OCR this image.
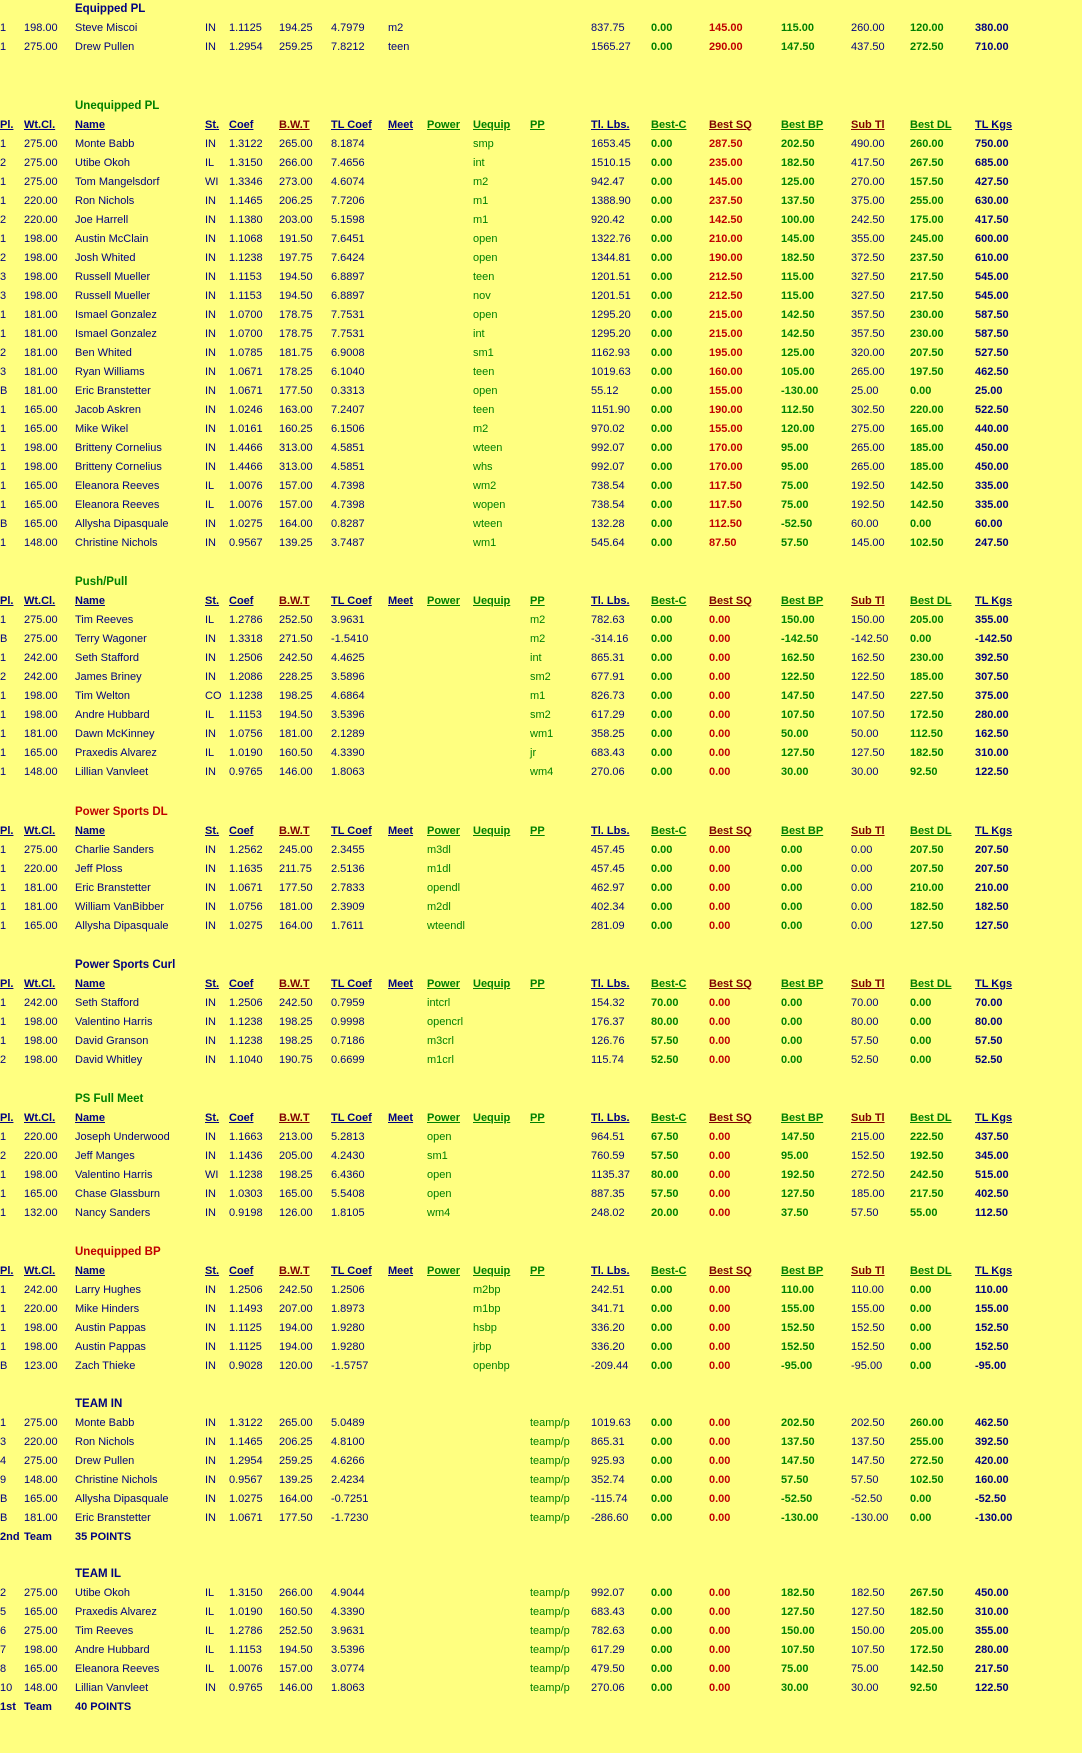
Equipped PL
1 198.00 Steve Miscoi	IN 1.1125 194.25 4.7979 m2	837.75 0.00	145.00	115.00	260.00 120.00	380.00
1 275.00 Drew Pullen	IN 1.2954 259.25 7.8212 teen	1565.27 0.00	290.00	147.50	437.50 272.50	710.00
Unequipped PL
Pl. Wt.Cl. Name	St. Coef B.W.T TL Coef Meet Power Uequip PP	Tl. Lbs. Best-C Best SQ	Best BP	Sub Tl Best DL TL Kgs
1 275.00 Monte Babb	IN 1.3122 265.00 8.1874	smp	1653.45 0.00	287.50	202.50	490.00 260.00	750.00
2 275.00 Utibe Okoh	IL 1.3150 266.00 7.4656	int	1510.15 0.00	235.00	182.50	417.50 267.50	685.00
1 275.00 Tom Mangelsdorf	WI 1.3346 273.00 4.6074	m2	942.47 0.00	145.00	125.00	270.00 157.50	427.50
1 220.00 Ron Nichols	IN 1.1465 206.25 7.7206	m1	1388.90 0.00	237.50	137.50	375.00 255.00	630.00
2 220.00 Joe Harrell	IN 1.1380 203.00 5.1598	m1	920.42 0.00	142.50	100.00	242.50 175.00	417.50
1 198.00 Austin McClain	IN 1.1068 191.50 7.6451	open	1322.76 0.00	210.00	145.00	355.00 245.00	600.00
2 198.00 Josh Whited	IN 1.1238 197.75 7.6424	open	1344.81 0.00	190.00	182.50	372.50 237.50	610.00
3 198.00 Russell Mueller	IN 1.1153 194.50 6.8897	teen	1201.51 0.00	212.50	115.00	327.50 217.50	545.00
3 198.00 Russell Mueller	IN 1.1153 194.50 6.8897	nov	1201.51 0.00	212.50	115.00	327.50 217.50	545.00
1 181.00 Ismael Gonzalez	IN 1.0700 178.75 7.7531	open	1295.20 0.00	215.00	142.50	357.50 230.00	587.50
1 181.00 Ismael Gonzalez	IN 1.0700 178.75 7.7531	int	1295.20 0.00	215.00	142.50	357.50 230.00	587.50
2 181.00 Ben Whited	IN 1.0785 181.75 6.9008	sm1	1162.93 0.00	195.00	125.00	320.00 207.50	527.50
3 181.00 Ryan Williams	IN 1.0671 178.25 6.1040	teen	1019.63 0.00	160.00	105.00	265.00 197.50	462.50
B 181.00 Eric Branstetter	IN 1.0671 177.50 0.3313	open	55.12	0.00	155.00	-130.00	25.00	0.00	25.00
1 165.00 Jacob Askren	IN 1.0246 163.00 7.2407	teen	1151.90 0.00	190.00	112.50	302.50 220.00	522.50
1 165.00 Mike Wikel	IN 1.0161 160.25 6.1506	m2	970.02 0.00	155.00	120.00	275.00 165.00	440.00
1 198.00 Britteny Cornelius	IN 1.4466 313.00 4.5851	wteen	992.07 0.00	170.00	95.00	265.00 185.00	450.00
1 198.00 Britteny Cornelius	IN 1.4466 313.00 4.5851	whs	992.07 0.00	170.00	95.00	265.00 185.00	450.00
1 165.00 Eleanora Reeves	IL 1.0076 157.00 4.7398	wm2	738.54 0.00	117.50	75.00	192.50 142.50	335.00
1 165.00 Eleanora Reeves	IL 1.0076 157.00 4.7398	wopen	738.54 0.00	117.50	75.00	192.50 142.50	335.00
B 165.00 Allysha Dipasquale	IN 1.0275 164.00 0.8287	wteen	132.28 0.00	112.50	-52.50	60.00	0.00	60.00
1 148.00 Christine Nichols	IN 0.9567 139.25 3.7487	wm1	545.64 0.00	87.50	57.50	145.00 102.50	247.50
Push/Pull
Pl. Wt.Cl. Name	St. Coef B.W.T TL Coef Meet Power Uequip PP	Tl. Lbs. Best-C Best SQ	Best BP	Sub Tl Best DL TL Kgs
1 275.00 Tim Reeves	IL 1.2786 252.50 3.9631	m2	782.63 0.00	0.00	150.00	150.00 205.00	355.00
B 275.00 Terry Wagoner	IN 1.3318 271.50 -1.5410	m2	-314.16 0.00	0.00	-142.50	-142.50 0.00	-142.50
1 242.00 Seth Stafford	IN 1.2506 242.50 4.4625	int	865.31 0.00	0.00	162.50	162.50 230.00	392.50
2 242.00 James Briney	IN 1.2086 228.25 3.5896	sm2	677.91 0.00	0.00	122.50	122.50 185.00	307.50
1 198.00 Tim Welton	CO 1.1238 198.25 4.6864	m1	826.73 0.00	0.00	147.50	147.50 227.50	375.00
1 198.00 Andre Hubbard	IL 1.1153 194.50 3.5396	sm2	617.29 0.00	0.00	107.50	107.50 172.50	280.00
1 181.00 Dawn McKinney	IN 1.0756 181.00 2.1289	wm1	358.25 0.00	0.00	50.00	50.00	112.50	162.50
1 165.00 Praxedis Alvarez	IL 1.0190 160.50 4.3390	jr	683.43 0.00	0.00	127.50	127.50 182.50	310.00
1 148.00 Lillian Vanvleet	IN 0.9765 146.00 1.8063	wm4	270.06 0.00	0.00	30.00	30.00	92.50	122.50
Power Sports DL
Pl. Wt.Cl. Name	St. Coef B.W.T TL Coef Meet Power Uequip PP	Tl. Lbs. Best-C Best SQ	Best BP	Sub Tl Best DL TL Kgs
1 275.00 Charlie Sanders	IN 1.2562 245.00 2.3455	m3dl	457.45 0.00	0.00	0.00	0.00	207.50	207.50
1 220.00 Jeff Ploss	IN 1.1635 211.75 2.5136	m1dl	457.45 0.00	0.00	0.00	0.00	207.50	207.50
1 181.00 Eric Branstetter	IN 1.0671 177.50 2.7833	opendl	462.97 0.00	0.00	0.00	0.00	210.00	210.00
1 181.00 William VanBibber	IN 1.0756 181.00 2.3909	m2dl	402.34 0.00	0.00	0.00	0.00	182.50	182.50
1 165.00 Allysha Dipasquale	IN 1.0275 164.00 1.7611	wteendl	281.09 0.00	0.00	0.00	0.00	127.50	127.50
Power Sports Curl
Pl. Wt.Cl. Name	St. Coef B.W.T TL Coef Meet Power Uequip PP	Tl. Lbs. Best-C Best SQ	Best BP	Sub Tl Best DL TL Kgs
1 242.00 Seth Stafford	IN 1.2506 242.50 0.7959	intcrl	154.32 70.00	0.00	0.00	70.00	0.00	70.00
1 198.00 Valentino Harris	IN 1.1238 198.25 0.9998	opencrl	176.37 80.00	0.00	0.00	80.00	0.00	80.00
1 198.00 David Granson	IN 1.1238 198.25 0.7186	m3crl	126.76 57.50	0.00	0.00	57.50	0.00	57.50
2 198.00 David Whitley	IN 1.1040 190.75 0.6699	m1crl	115.74 52.50	0.00	0.00	52.50	0.00	52.50
PS Full Meet
Pl. Wt.Cl. Name	St. Coef B.W.T TL Coef Meet Power Uequip PP	Tl. Lbs. Best-C Best SQ	Best BP	Sub Tl Best DL TL Kgs
1 220.00 Joseph Underwood	IN 1.1663 213.00 5.2813	open	964.51 67.50	0.00	147.50	215.00 222.50	437.50
2 220.00 Jeff Manges	IN 1.1436 205.00 4.2430	sm1	760.59 57.50	0.00	95.00	152.50 192.50	345.00
1 198.00 Valentino Harris	WI 1.1238 198.25 6.4360	open	1135.37 80.00	0.00	192.50	272.50 242.50	515.00
1 165.00 Chase Glassburn	IN 1.0303 165.00 5.5408	open	887.35 57.50	0.00	127.50	185.00 217.50	402.50
1 132.00 Nancy Sanders	IN 0.9198 126.00 1.8105	wm4	248.02 20.00	0.00	37.50	57.50	55.00	112.50
Unequipped BP
Pl. Wt.Cl. Name	St. Coef B.W.T TL Coef Meet Power Uequip PP	Tl. Lbs. Best-C Best SQ	Best BP	Sub Tl Best DL TL Kgs
1 242.00 Larry Hughes	IN 1.2506 242.50 1.2506	m2bp	242.51 0.00	0.00	110.00	110.00 0.00	110.00
1 220.00 Mike Hinders	IN 1.1493 207.00 1.8973	m1bp	341.71 0.00	0.00	155.00	155.00 0.00	155.00
1 198.00 Austin Pappas	IN 1.1125 194.00 1.9280	hsbp	336.20 0.00	0.00	152.50	152.50 0.00	152.50
1 198.00 Austin Pappas	IN 1.1125 194.00 1.9280	jrbp	336.20 0.00	0.00	152.50	152.50 0.00	152.50
B 123.00 Zach Thieke	IN 0.9028 120.00 -1.5757	openbp	-209.44 0.00	0.00	-95.00	-95.00	0.00	-95.00
TEAM IN
1 275.00 Monte Babb	IN 1.3122 265.00 5.0489	teamp/p 1019.63 0.00	0.00	202.50	202.50 260.00	462.50
3 220.00 Ron Nichols	IN 1.1465 206.25 4.8100	teamp/p 865.31 0.00	0.00	137.50	137.50 255.00	392.50
4 275.00 Drew Pullen	IN 1.2954 259.25 4.6266	teamp/p 925.93 0.00	0.00	147.50	147.50 272.50	420.00
9 148.00 Christine Nichols	IN 0.9567 139.25 2.4234	teamp/p 352.74 0.00	0.00	57.50	57.50	102.50	160.00
B 165.00 Allysha Dipasquale	IN 1.0275 164.00 -0.7251	teamp/p -115.74 0.00	0.00	-52.50	-52.50	0.00	-52.50
B 181.00 Eric Branstetter	IN 1.0671 177.50 -1.7230	teamp/p -286.60 0.00	0.00	-130.00	-130.00 0.00	-130.00
2nd Team 35 POINTS
TEAM IL
2 275.00 Utibe Okoh	IL 1.3150 266.00 4.9044	teamp/p 992.07 0.00	0.00	182.50	182.50 267.50	450.00
5 165.00 Praxedis Alvarez	IL 1.0190 160.50 4.3390	teamp/p 683.43 0.00	0.00	127.50	127.50 182.50	310.00
6 275.00 Tim Reeves	IL 1.2786 252.50 3.9631	teamp/p 782.63 0.00	0.00	150.00	150.00 205.00	355.00
7 198.00 Andre Hubbard	IL 1.1153 194.50 3.5396	teamp/p 617.29 0.00	0.00	107.50	107.50 172.50	280.00
8 165.00 Eleanora Reeves	IL 1.0076 157.00 3.0774	teamp/p 479.50 0.00	0.00	75.00	75.00	142.50	217.50
10 148.00 Lillian Vanvleet	IN 0.9765 146.00 1.8063	teamp/p 270.06 0.00	0.00	30.00	30.00	92.50	122.50
1st Team 40 POINTS
